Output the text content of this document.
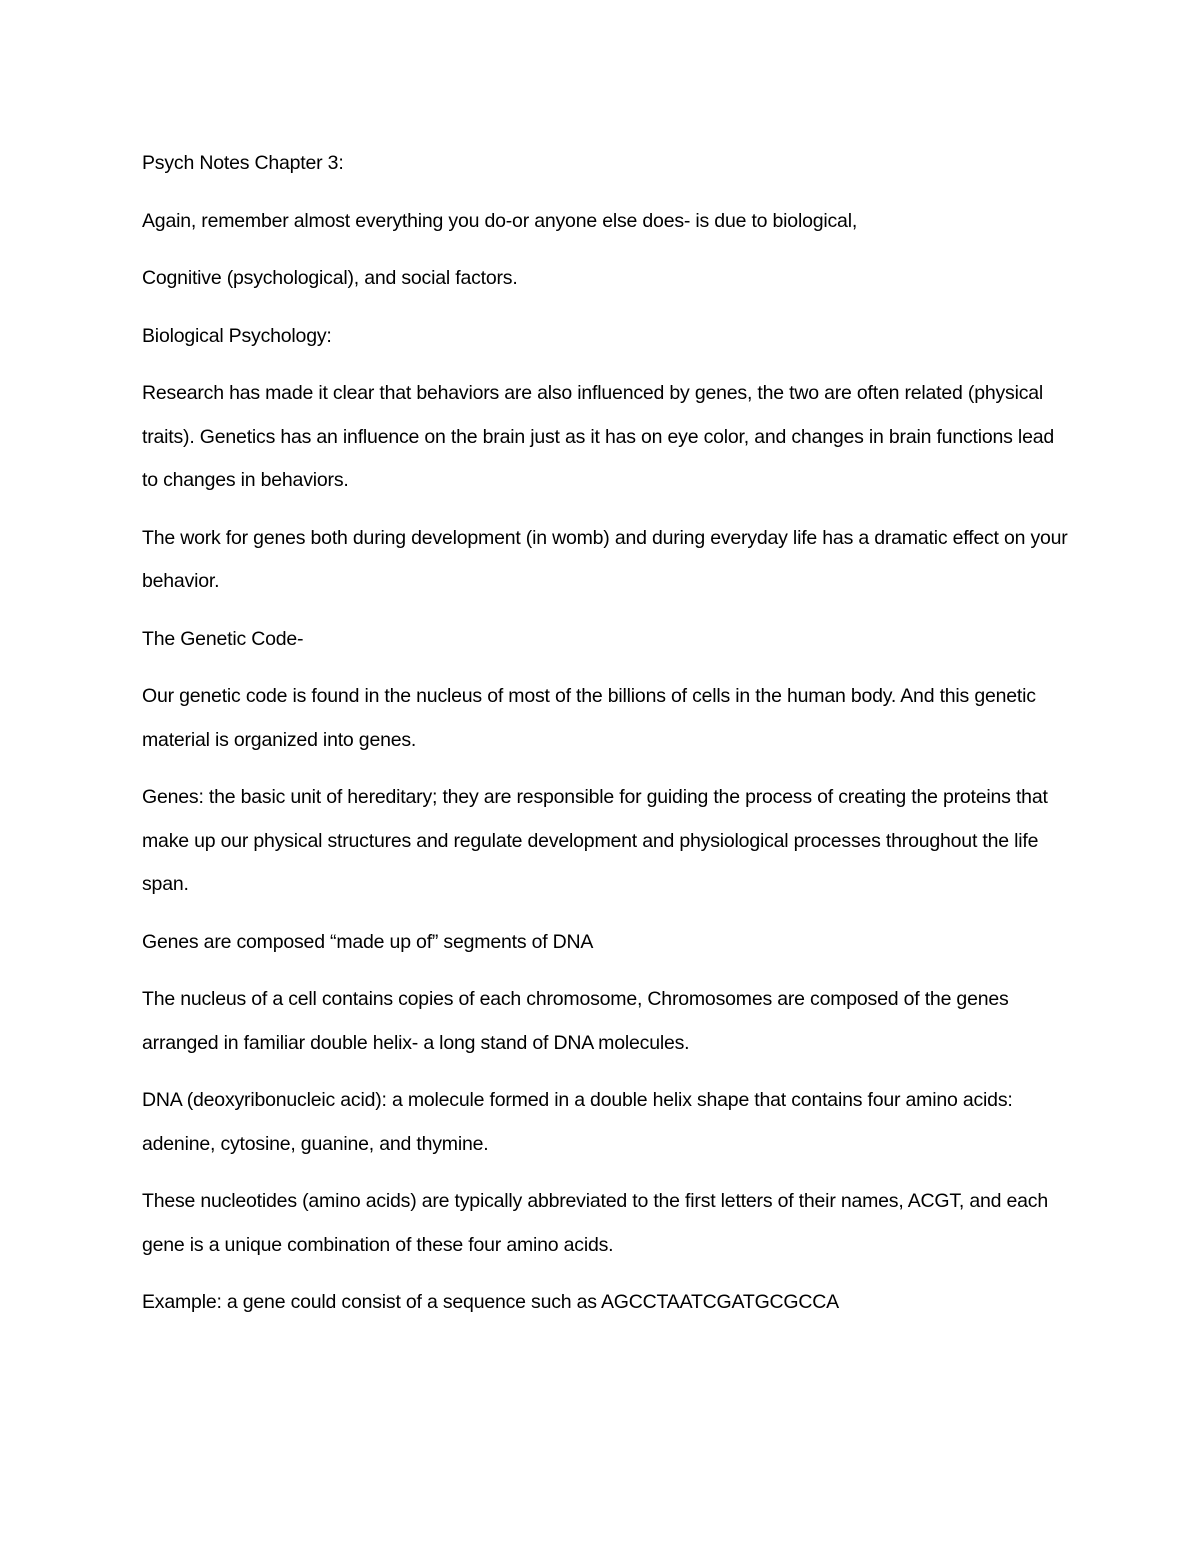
Psych Notes Chapter 3:

Again, remember almost everything you do-or anyone else does- is due to biological,

Cognitive (psychological), and social factors.

Biological Psychology:

Research has made it clear that behaviors are also influenced by genes, the two are often related (physical traits). Genetics has an influence on the brain just as it has on eye color, and changes in brain functions lead to changes in behaviors.

The work for genes both during development (in womb) and during everyday life has a dramatic effect on your behavior.

The Genetic Code-

Our genetic code is found in the nucleus of most of the billions of cells in the human body. And this genetic material is organized into genes.

Genes: the basic unit of hereditary; they are responsible for guiding the process of creating the proteins that make up our physical structures and regulate development and physiological processes throughout the life span.

Genes are composed “made up of” segments of DNA

The nucleus of a cell contains copies of each chromosome, Chromosomes are composed of the genes arranged in familiar double helix- a long stand of DNA molecules.

DNA (deoxyribonucleic acid): a molecule formed in a double helix shape that contains four amino acids: adenine, cytosine, guanine, and thymine.

These nucleotides (amino acids) are typically abbreviated to the first letters of their names, ACGT, and each gene is a unique combination of these four amino acids.

Example: a gene could consist of a sequence such as AGCCTAATCGATGCGCCA
